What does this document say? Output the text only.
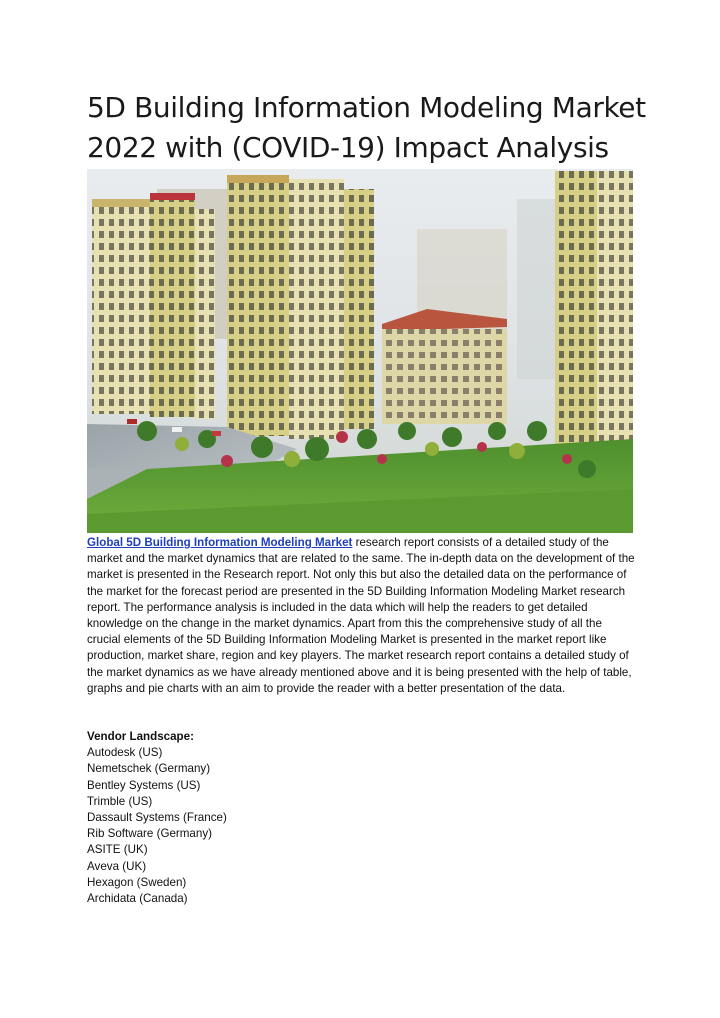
5D Building Information Modeling Market 2022 with (COVID-19) Impact Analysis

Global 5D Building Information Modeling Market research report consists of a detailed study of the market and the market dynamics that are related to the same. The in-depth data on the development of the market is presented in the Research report. Not only this but also the detailed data on the performance of the market for the forecast period are presented in the 5D Building Information Modeling Market research report. The performance analysis is included in the data which will help the readers to get detailed knowledge on the change in the market dynamics. Apart from this the comprehensive study of all the crucial elements of the 5D Building Information Modeling Market is presented in the market report like production, market share, region and key players. The market research report contains a detailed study of the market dynamics as we have already mentioned above and it is being presented with the help of table, graphs and pie charts with an aim to provide the reader with a better presentation of the data.

Vendor Landscape:

Autodesk (US)
Nemetschek (Germany)
Bentley Systems (US)
Trimble (US)
Dassault Systems (France)
Rib Software (Germany)
ASITE (UK)
Aveva (UK)
Hexagon (Sweden)
Archidata (Canada)
